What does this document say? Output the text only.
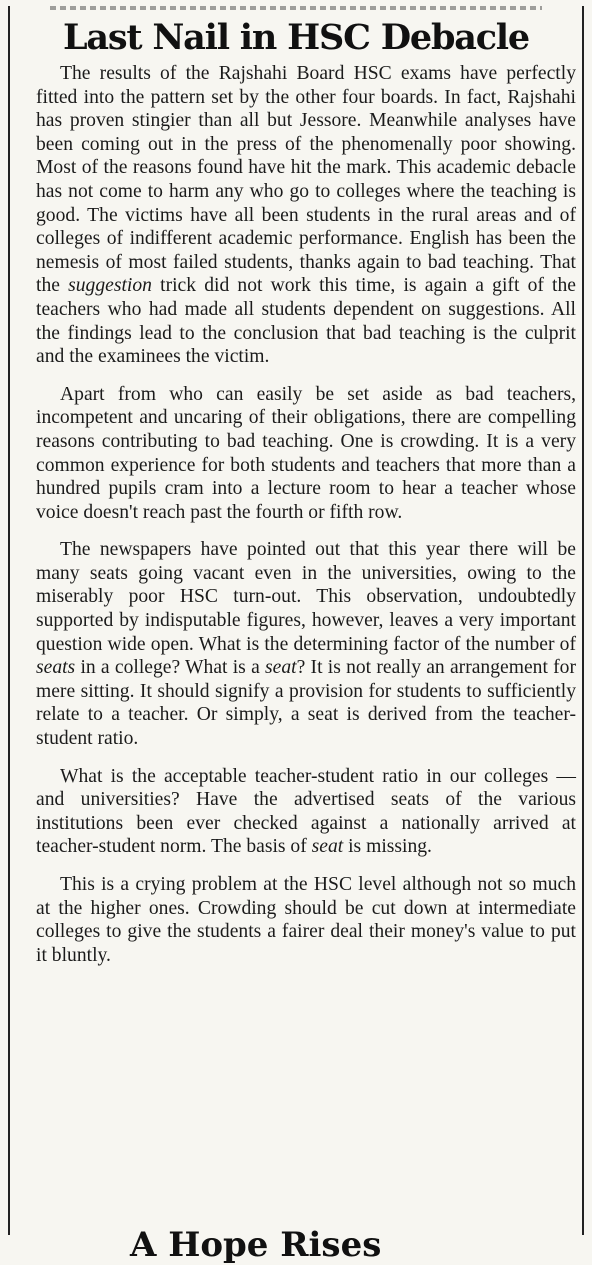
Last Nail in HSC Debacle

The results of the Rajshahi Board HSC exams have perfectly fitted into the pattern set by the other four boards. In fact, Rajshahi has proven stingier than all but Jessore. Meanwhile analyses have been coming out in the press of the phenomenally poor showing. Most of the reasons found have hit the mark. This academic debacle has not come to harm any who go to colleges where the teaching is good. The victims have all been students in the rural areas and of colleges of indifferent academic performance. English has been the nemesis of most failed students, thanks again to bad teaching. That the suggestion trick did not work this time, is again a gift of the teachers who had made all students dependent on suggestions. All the findings lead to the conclusion that bad teaching is the culprit and the examinees the victim.

Apart from who can easily be set aside as bad teachers, incompetent and uncaring of their obligations, there are compelling reasons contributing to bad teaching. One is crowding. It is a very common experience for both students and teachers that more than a hundred pupils cram into a lecture room to hear a teacher whose voice doesn't reach past the fourth or fifth row.

The newspapers have pointed out that this year there will be many seats going vacant even in the universities, owing to the miserably poor HSC turn-out. This observation, undoubtedly supported by indisputable figures, however, leaves a very important question wide open. What is the determining factor of the number of seats in a college? What is a seat? It is not really an arrangement for mere sitting. It should signify a provision for students to sufficiently relate to a teacher. Or simply, a seat is derived from the teacher-student ratio.

What is the acceptable teacher-student ratio in our colleges — and universities? Have the advertised seats of the various institutions been ever checked against a nationally arrived at teacher-student norm. The basis of seat is missing.

This is a crying problem at the HSC level although not so much at the higher ones. Crowding should be cut down at intermediate colleges to give the students a fairer deal their money's value to put it bluntly.

A Hope Rises
